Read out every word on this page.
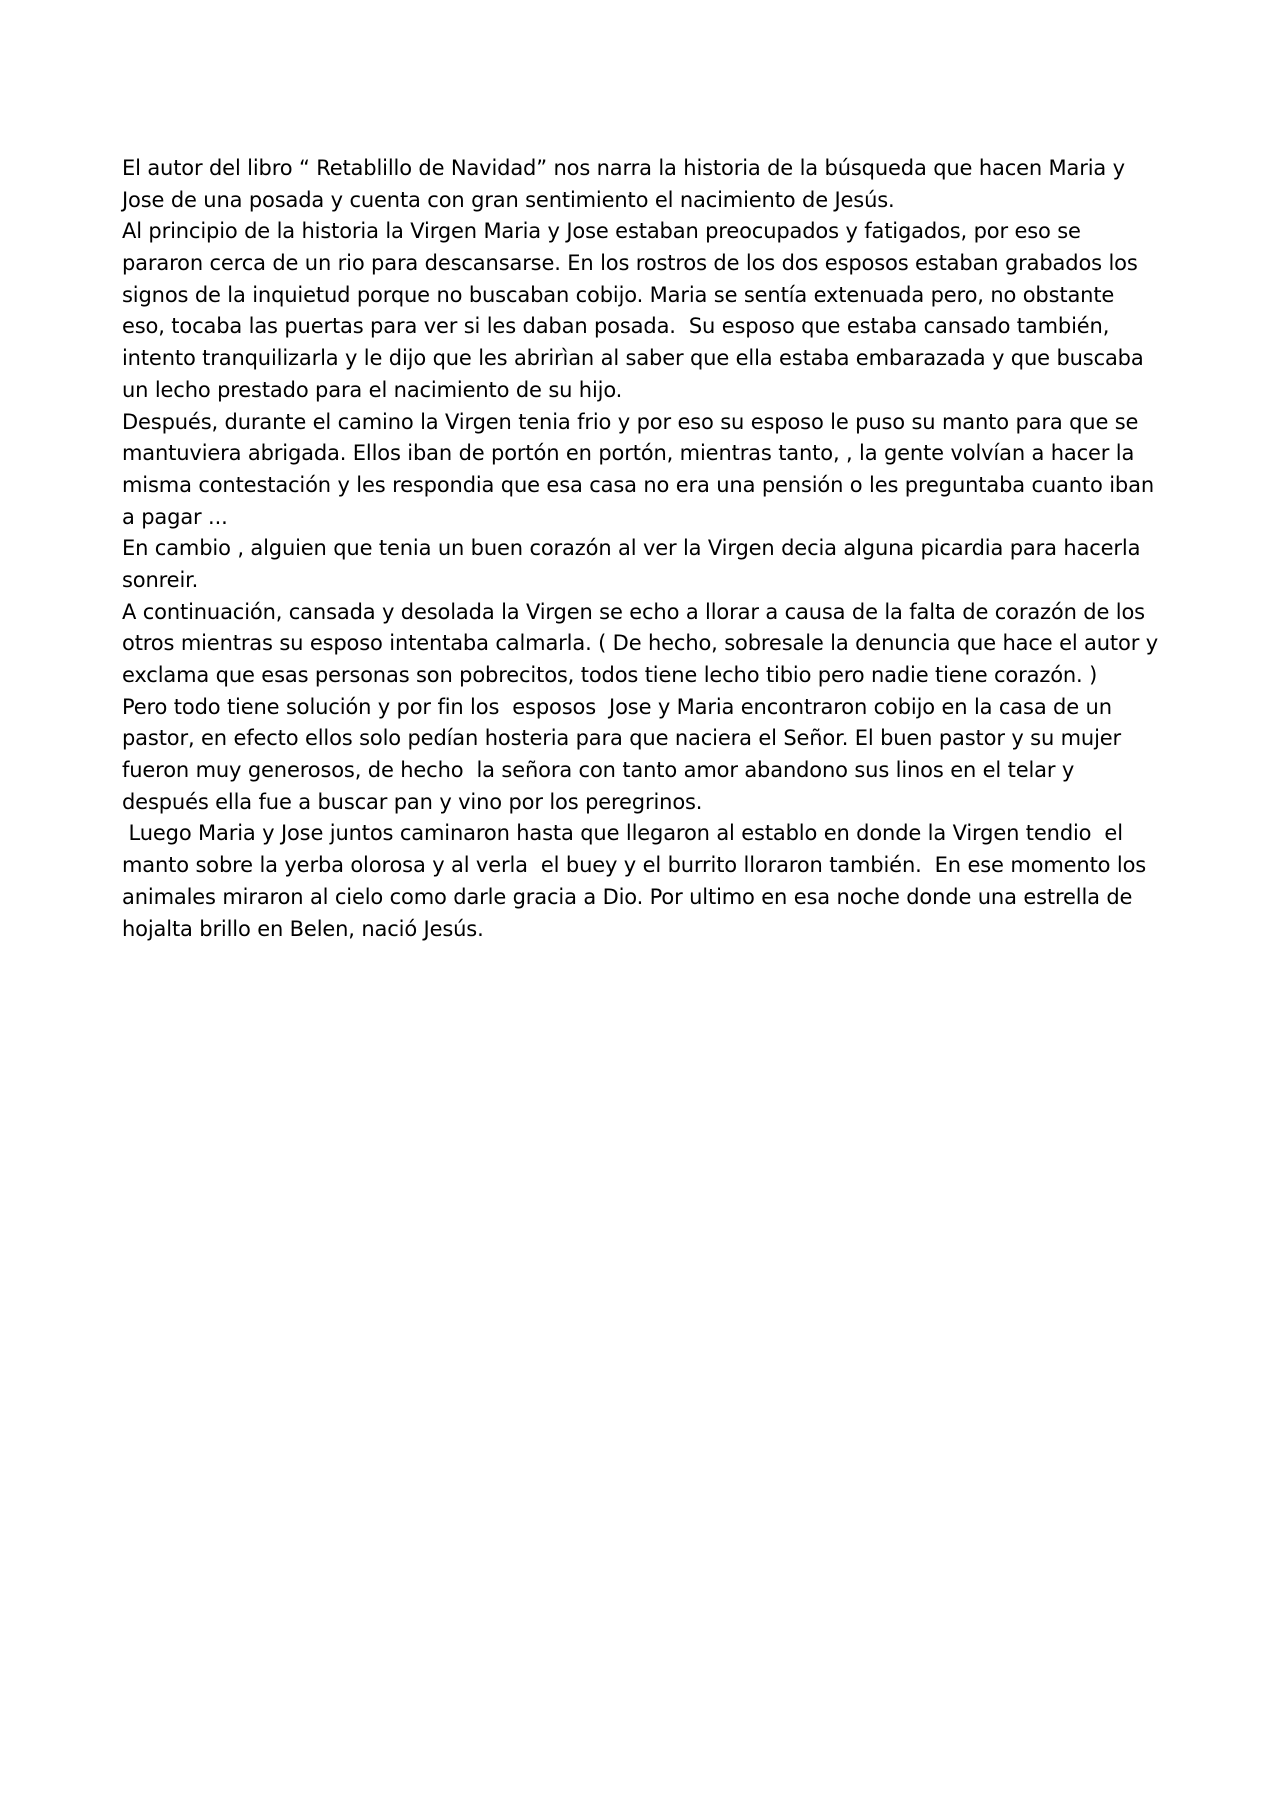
El autor del libro “ Retablillo de Navidad” nos narra la historia de la búsqueda que hacen Maria y
Jose de una posada y cuenta con gran sentimiento el nacimiento de Jesús.
Al principio de la historia la Virgen Maria y Jose estaban preocupados y fatigados, por eso se
pararon cerca de un rio para descansarse. En los rostros de los dos esposos estaban grabados los
signos de la inquietud porque no buscaban cobijo. Maria se sentía extenuada pero, no obstante
eso, tocaba las puertas para ver si les daban posada.  Su esposo que estaba cansado también,
intento tranquilizarla y le dijo que les abrirìan al saber que ella estaba embarazada y que buscaba
un lecho prestado para el nacimiento de su hijo.
Después, durante el camino la Virgen tenia frio y por eso su esposo le puso su manto para que se
mantuviera abrigada. Ellos iban de portón en portón, mientras tanto, , la gente volvían a hacer la
misma contestación y les respondia que esa casa no era una pensión o les preguntaba cuanto iban
a pagar ...
En cambio , alguien que tenia un buen corazón al ver la Virgen decia alguna picardia para hacerla
sonreir.
A continuación, cansada y desolada la Virgen se echo a llorar a causa de la falta de corazón de los
otros mientras su esposo intentaba calmarla. ( De hecho, sobresale la denuncia que hace el autor y
exclama que esas personas son pobrecitos, todos tiene lecho tibio pero nadie tiene corazón. )
Pero todo tiene solución y por fin los  esposos  Jose y Maria encontraron cobijo en la casa de un
pastor, en efecto ellos solo pedían hosteria para que naciera el Señor. El buen pastor y su mujer
fueron muy generosos, de hecho  la señora con tanto amor abandono sus linos en el telar y
después ella fue a buscar pan y vino por los peregrinos.
Luego Maria y Jose juntos caminaron hasta que llegaron al establo en donde la Virgen tendio  el
manto sobre la yerba olorosa y al verla  el buey y el burrito lloraron también.  En ese momento los
animales miraron al cielo como darle gracia a Dio. Por ultimo en esa noche donde una estrella de
hojalta brillo en Belen, nació Jesús.
